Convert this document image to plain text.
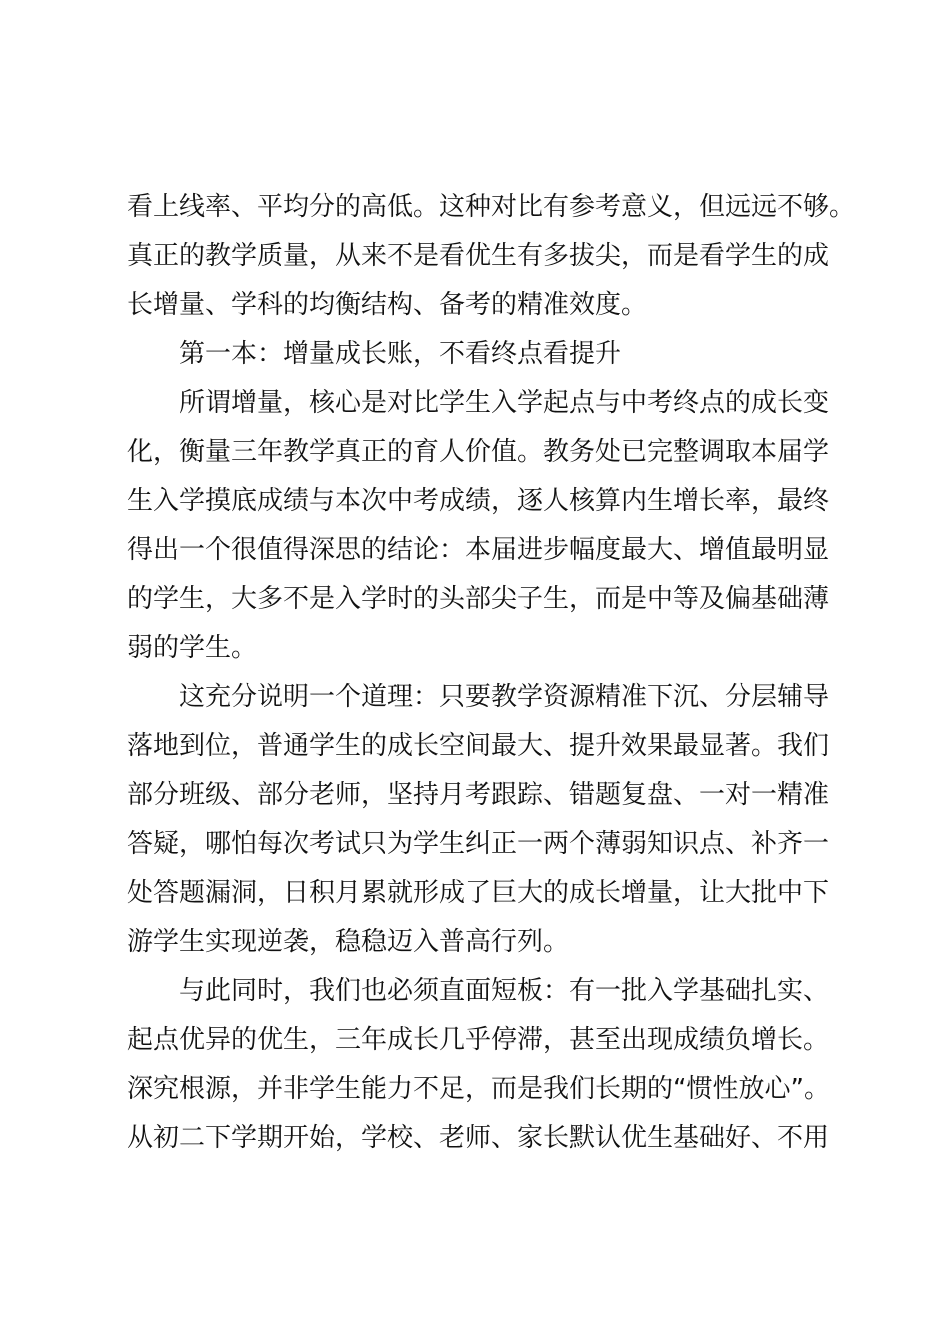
看上线率、平均分的高低。这种对比有参考意义，但远远不够。
真正的教学质量，从来不是看优生有多拔尖，而是看学生的成
长增量、学科的均衡结构、备考的精准效度。
第一本：增量成长账，不看终点看提升
所谓增量，核心是对比学生入学起点与中考终点的成长变
化，衡量三年教学真正的育人价值。教务处已完整调取本届学
生入学摸底成绩与本次中考成绩，逐人核算内生增长率，最终
得出一个很值得深思的结论：本届进步幅度最大、增值最明显
的学生，大多不是入学时的头部尖子生，而是中等及偏基础薄
弱的学生。
这充分说明一个道理：只要教学资源精准下沉、分层辅导
落地到位，普通学生的成长空间最大、提升效果最显著。我们
部分班级、部分老师，坚持月考跟踪、错题复盘、一对一精准
答疑，哪怕每次考试只为学生纠正一两个薄弱知识点、补齐一
处答题漏洞，日积月累就形成了巨大的成长增量，让大批中下
游学生实现逆袭，稳稳迈入普高行列。
与此同时，我们也必须直面短板：有一批入学基础扎实、
起点优异的优生，三年成长几乎停滞，甚至出现成绩负增长。
深究根源，并非学生能力不足，而是我们长期的“惯性放心”。
从初二下学期开始，学校、老师、家长默认优生基础好、不用
